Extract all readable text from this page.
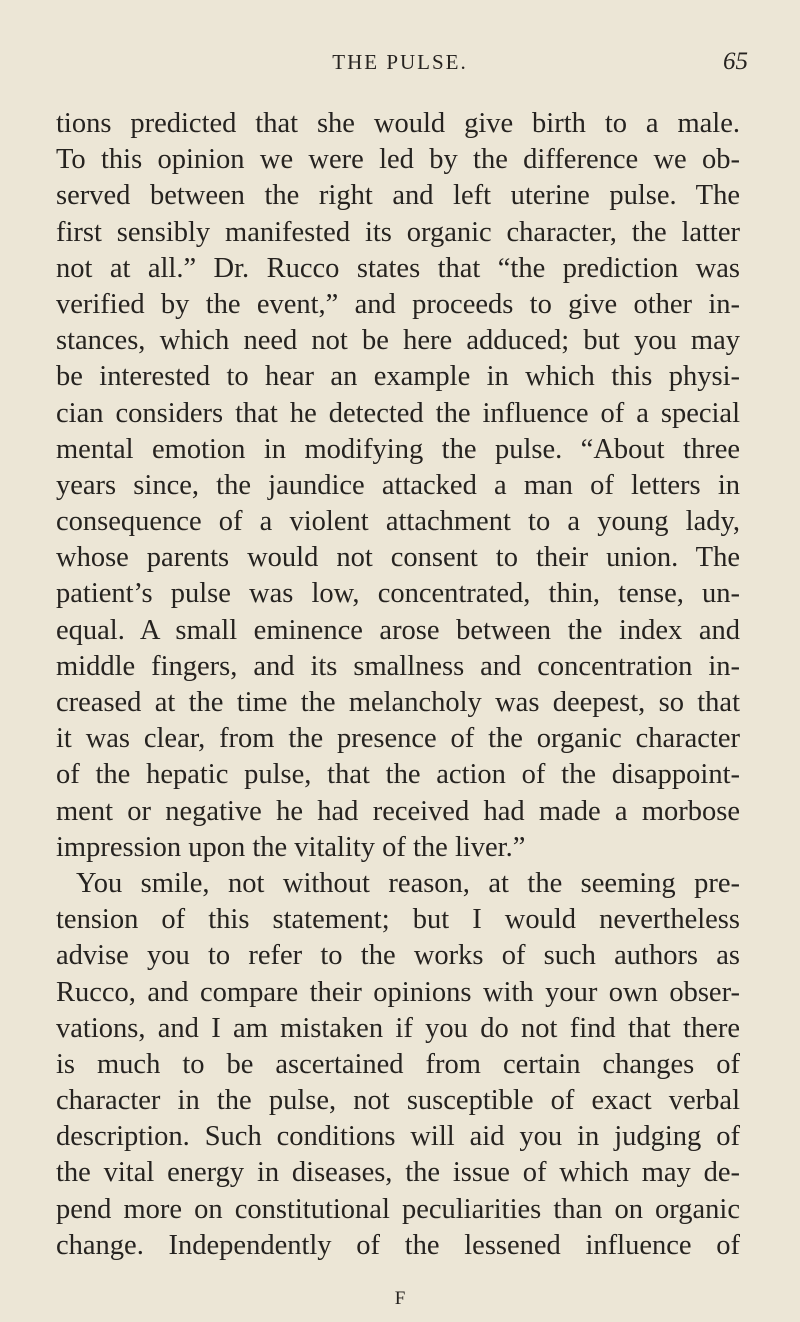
THE PULSE.	65
tions predicted that she would give birth to a male.
To this opinion we were led by the difference we ob-
served between the right and left uterine pulse. The
first sensibly manifested its organic character, the latter
not at all.” Dr. Rucco states that “the prediction was
verified by the event,” and proceeds to give other in-
stances, which need not be here adduced; but you may
be interested to hear an example in which this physi-
cian considers that he detected the influence of a special
mental emotion in modifying the pulse. “About three
years since, the jaundice attacked a man of letters in
consequence of a violent attachment to a young lady,
whose parents would not consent to their union. The
patient’s pulse was low, concentrated, thin, tense, un-
equal. A small eminence arose between the index and
middle fingers, and its smallness and concentration in-
creased at the time the melancholy was deepest, so that
it was clear, from the presence of the organic character
of the hepatic pulse, that the action of the disappoint-
ment or negative he had received had made a morbose
impression upon the vitality of the liver.”
You smile, not without reason, at the seeming pre-
tension of this statement; but I would nevertheless
advise you to refer to the works of such authors as
Rucco, and compare their opinions with your own obser-
vations, and I am mistaken if you do not find that there
is much to be ascertained from certain changes of
character in the pulse, not susceptible of exact verbal
description. Such conditions will aid you in judging of
the vital energy in diseases, the issue of which may de-
pend more on constitutional peculiarities than on organic
change. Independently of the lessened influence of
F
